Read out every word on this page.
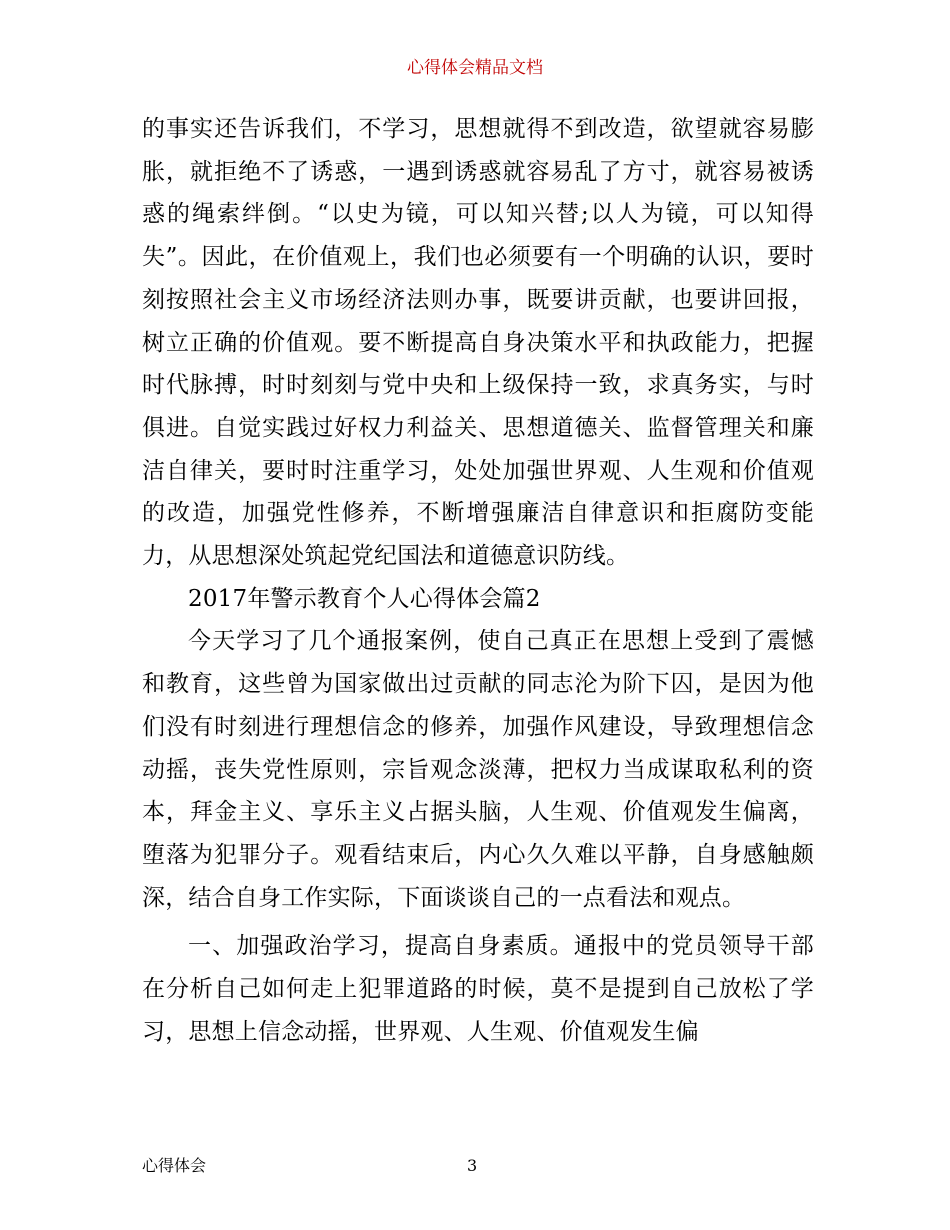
心得体会精品文档

的事实还告诉我们，不学习，思想就得不到改造，欲望就容易膨胀，就拒绝不了诱惑，一遇到诱惑就容易乱了方寸，就容易被诱惑的绳索绊倒。“以史为镜，可以知兴替;以人为镜，可以知得失”。因此，在价值观上，我们也必须要有一个明确的认识，要时刻按照社会主义市场经济法则办事，既要讲贡献，也要讲回报，树立正确的价值观。要不断提高自身决策水平和执政能力，把握时代脉搏，时时刻刻与党中央和上级保持一致，求真务实，与时俱进。自觉实践过好权力利益关、思想道德关、监督管理关和廉洁自律关，要时时注重学习，处处加强世界观、人生观和价值观的改造，加强党性修养，不断增强廉洁自律意识和拒腐防变能力，从思想深处筑起党纪国法和道德意识防线。

2017年警示教育个人心得体会篇2

今天学习了几个通报案例，使自己真正在思想上受到了震憾和教育，这些曾为国家做出过贡献的同志沦为阶下囚，是因为他们没有时刻进行理想信念的修养，加强作风建设，导致理想信念动摇，丧失党性原则，宗旨观念淡薄，把权力当成谋取私利的资本，拜金主义、享乐主义占据头脑，人生观、价值观发生偏离，堕落为犯罪分子。观看结束后，内心久久难以平静，自身感触颇深，结合自身工作实际，下面谈谈自己的一点看法和观点。

一、加强政治学习，提高自身素质。通报中的党员领导干部在分析自己如何走上犯罪道路的时候，莫不是提到自己放松了学习，思想上信念动摇，世界观、人生观、价值观发生偏

心得体会	3
